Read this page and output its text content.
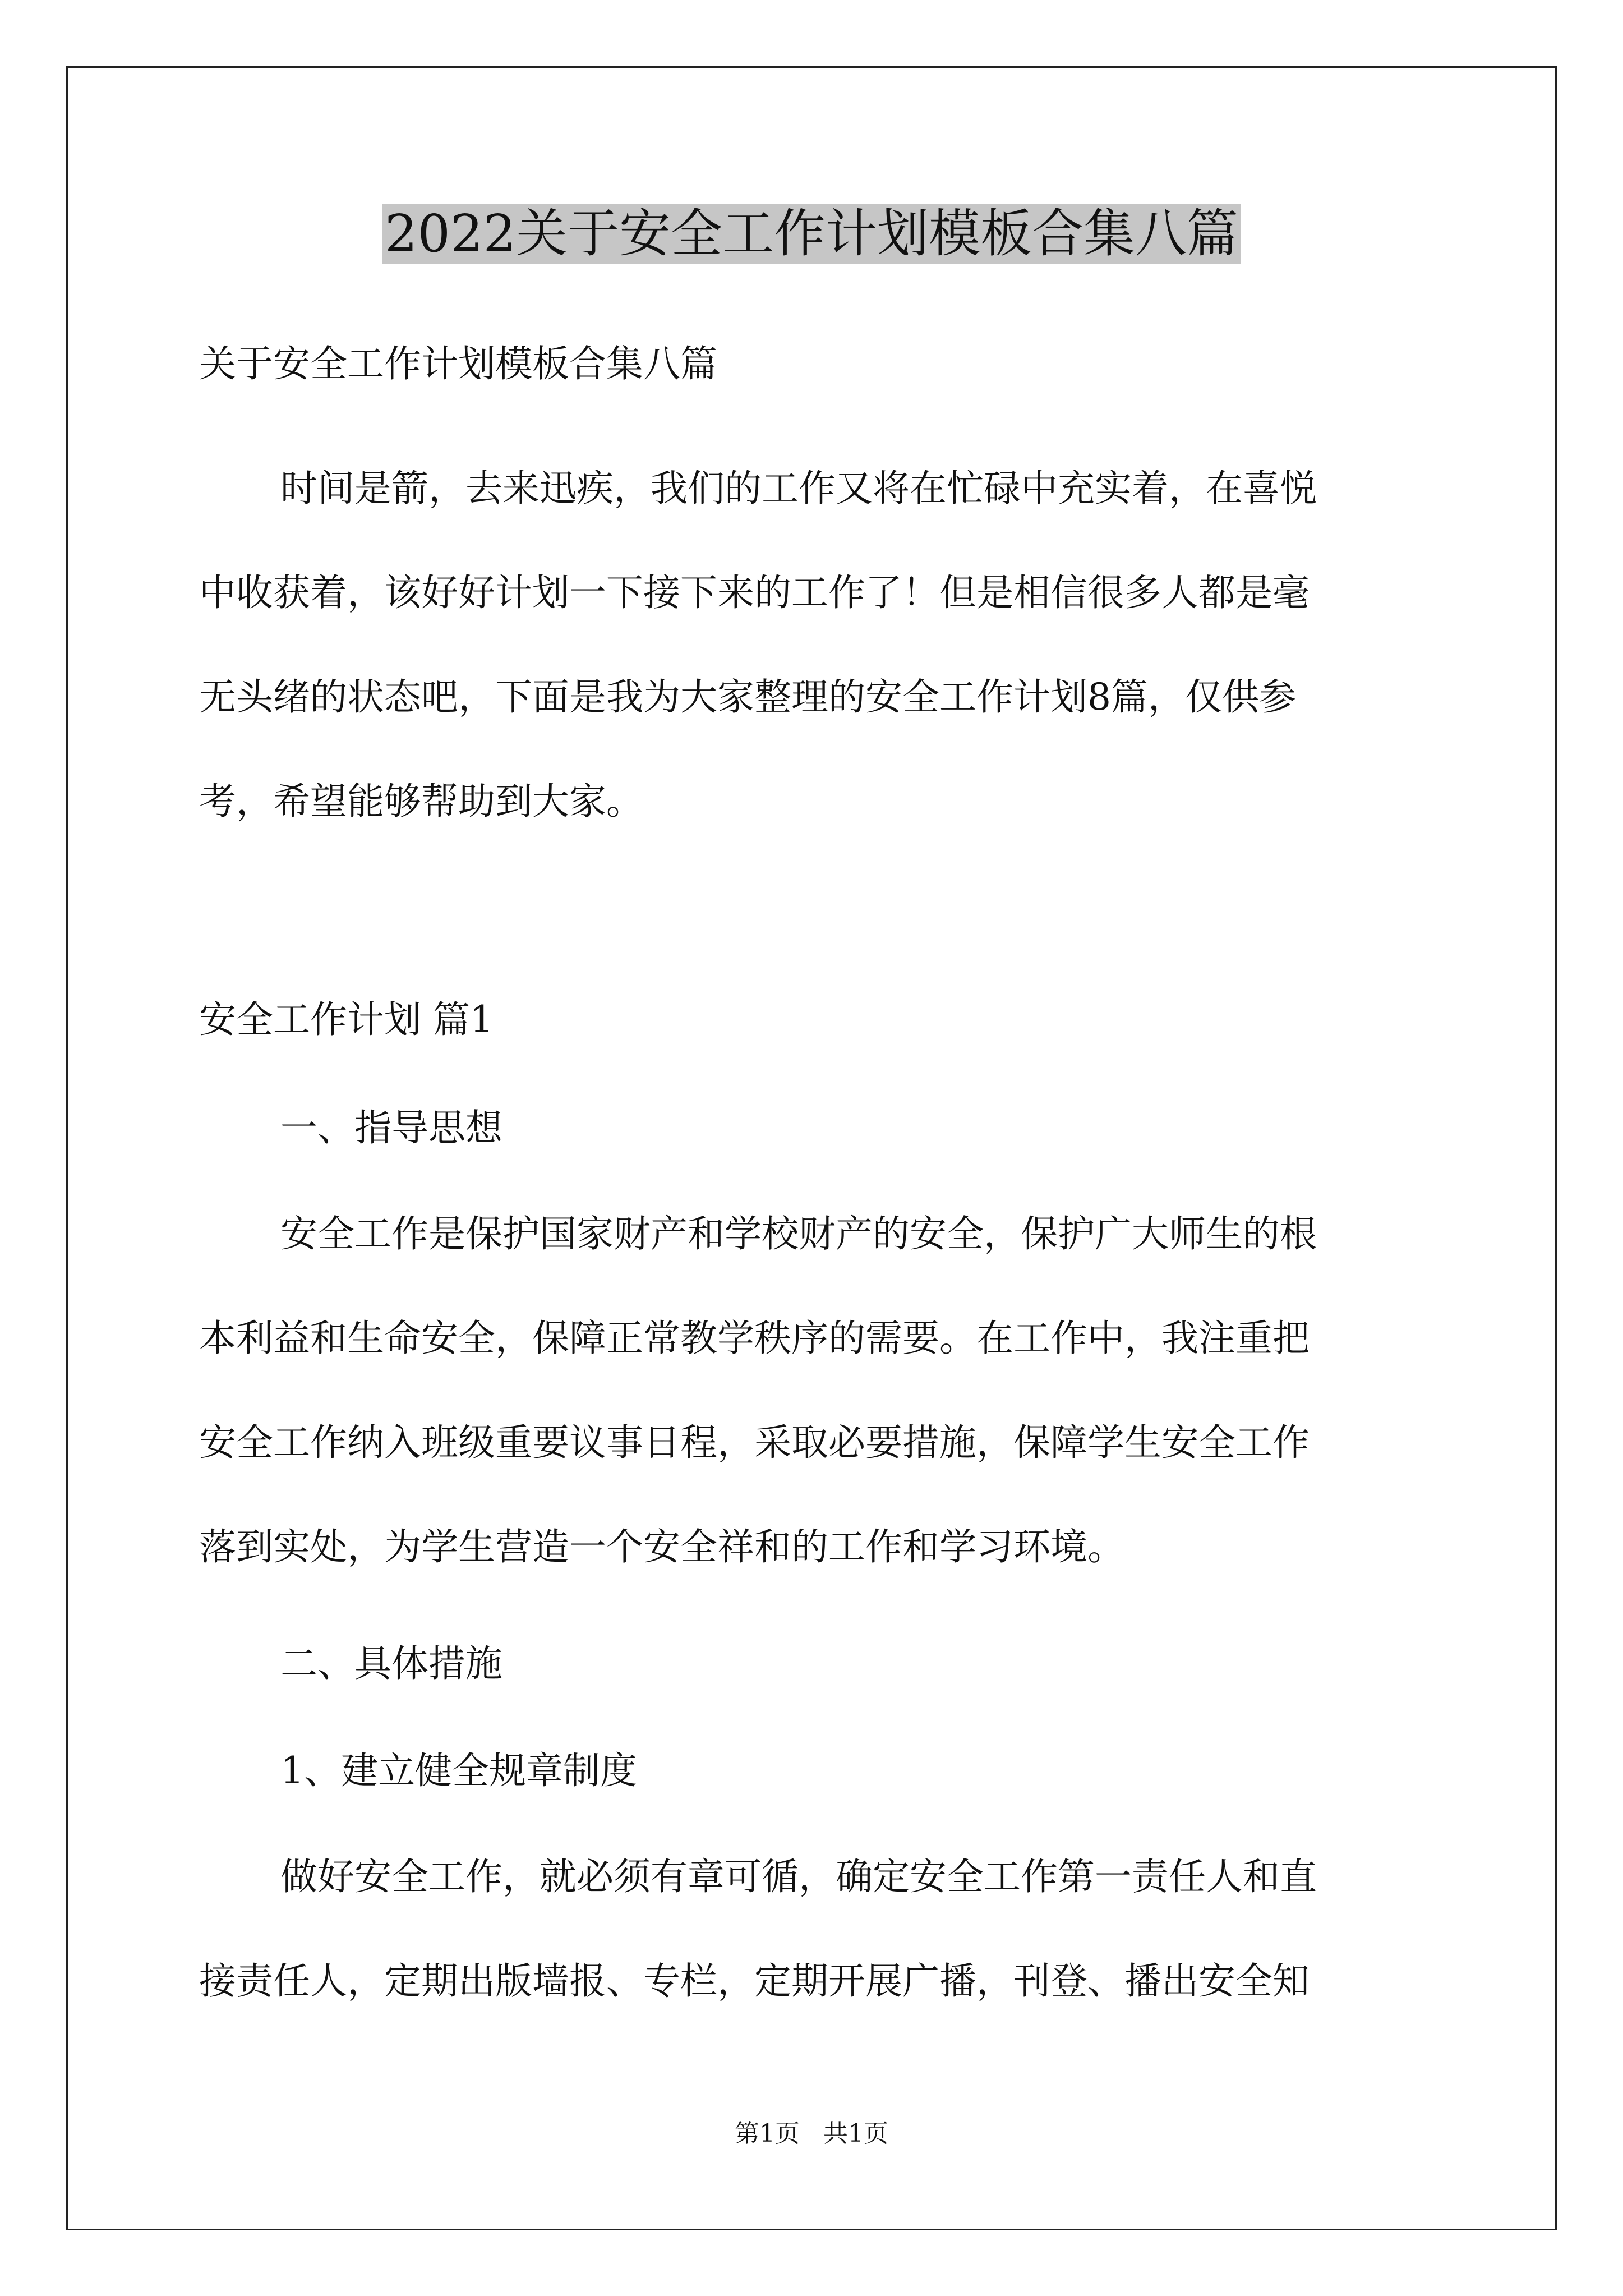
2022关于安全工作计划模板合集八篇

关于安全工作计划模板合集八篇

时间是箭，去来迅疾，我们的工作又将在忙碌中充实着，在喜悦

中收获着，该好好计划一下接下来的工作了！但是相信很多人都是毫

无头绪的状态吧，下面是我为大家整理的安全工作计划8篇，仅供参

考，希望能够帮助到大家。

安全工作计划 篇1

一、指导思想

安全工作是保护国家财产和学校财产的安全，保护广大师生的根

本利益和生命安全，保障正常教学秩序的需要。在工作中，我注重把

安全工作纳入班级重要议事日程，采取必要措施，保障学生安全工作

落到实处，为学生营造一个安全祥和的工作和学习环境。

二、具体措施

1、建立健全规章制度

做好安全工作，就必须有章可循，确定安全工作第一责任人和直

接责任人，定期出版墙报、专栏，定期开展广播，刊登、播出安全知

第1页   共1页
